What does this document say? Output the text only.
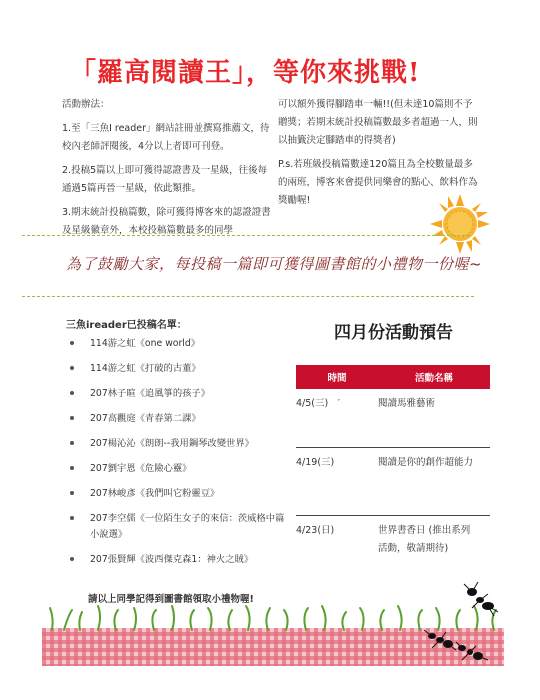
「羅高閱讀王」，等你來挑戰!

活動辦法：

1.至「三魚I reader」網站註冊並撰寫推薦文，待校內老師評閱後，4分以上者即可刊登。

2.投稿5篇以上即可獲得認證書及一星級，往後每通過5篇再晉一星級，依此類推。

3.期末統計投稿篇數，除可獲得博客來的認證證書及星級徽章外，本校投稿篇數最多的同學

可以額外獲得腳踏車一輛!!(但未達10篇則不予贈獎；若期末統計投稿篇數最多者超過一人，則以抽籤決定腳踏車的得獎者)

P.s.若班級投稿篇數達120篇且為全校數量最多的兩班，博客來會提供同樂會的點心、飲料作為獎勵喔!

為了鼓勵大家，每投稿一篇即可獲得圖書館的小禮物一份喔~
三魚ireader已投稿名單：
114游之虹《one world》
114游之虹《打破的古董》
207林子暄《追風箏的孩子》
207高觀庭《青春第二課》
207楊沁沁《朗朗--我用鋼琴改變世界》
207劉宇恩《危險心靈》
207林峻彥《我們叫它粉靈豆》
207李空儒《一位陌生女子的來信：茨威格中篇小說選》
207張賢輝《波西傑克森1：神火之賊》
四月份活動預告
時間	活動名稱
4/5(三)　′	閱讀馬雅藝術
4/19(三)	閱讀是你的創作超能力
4/23(日)	世界書香日 (推出系列活動，敬請期待)
請以上同學記得到圖書館領取小禮物喔!
